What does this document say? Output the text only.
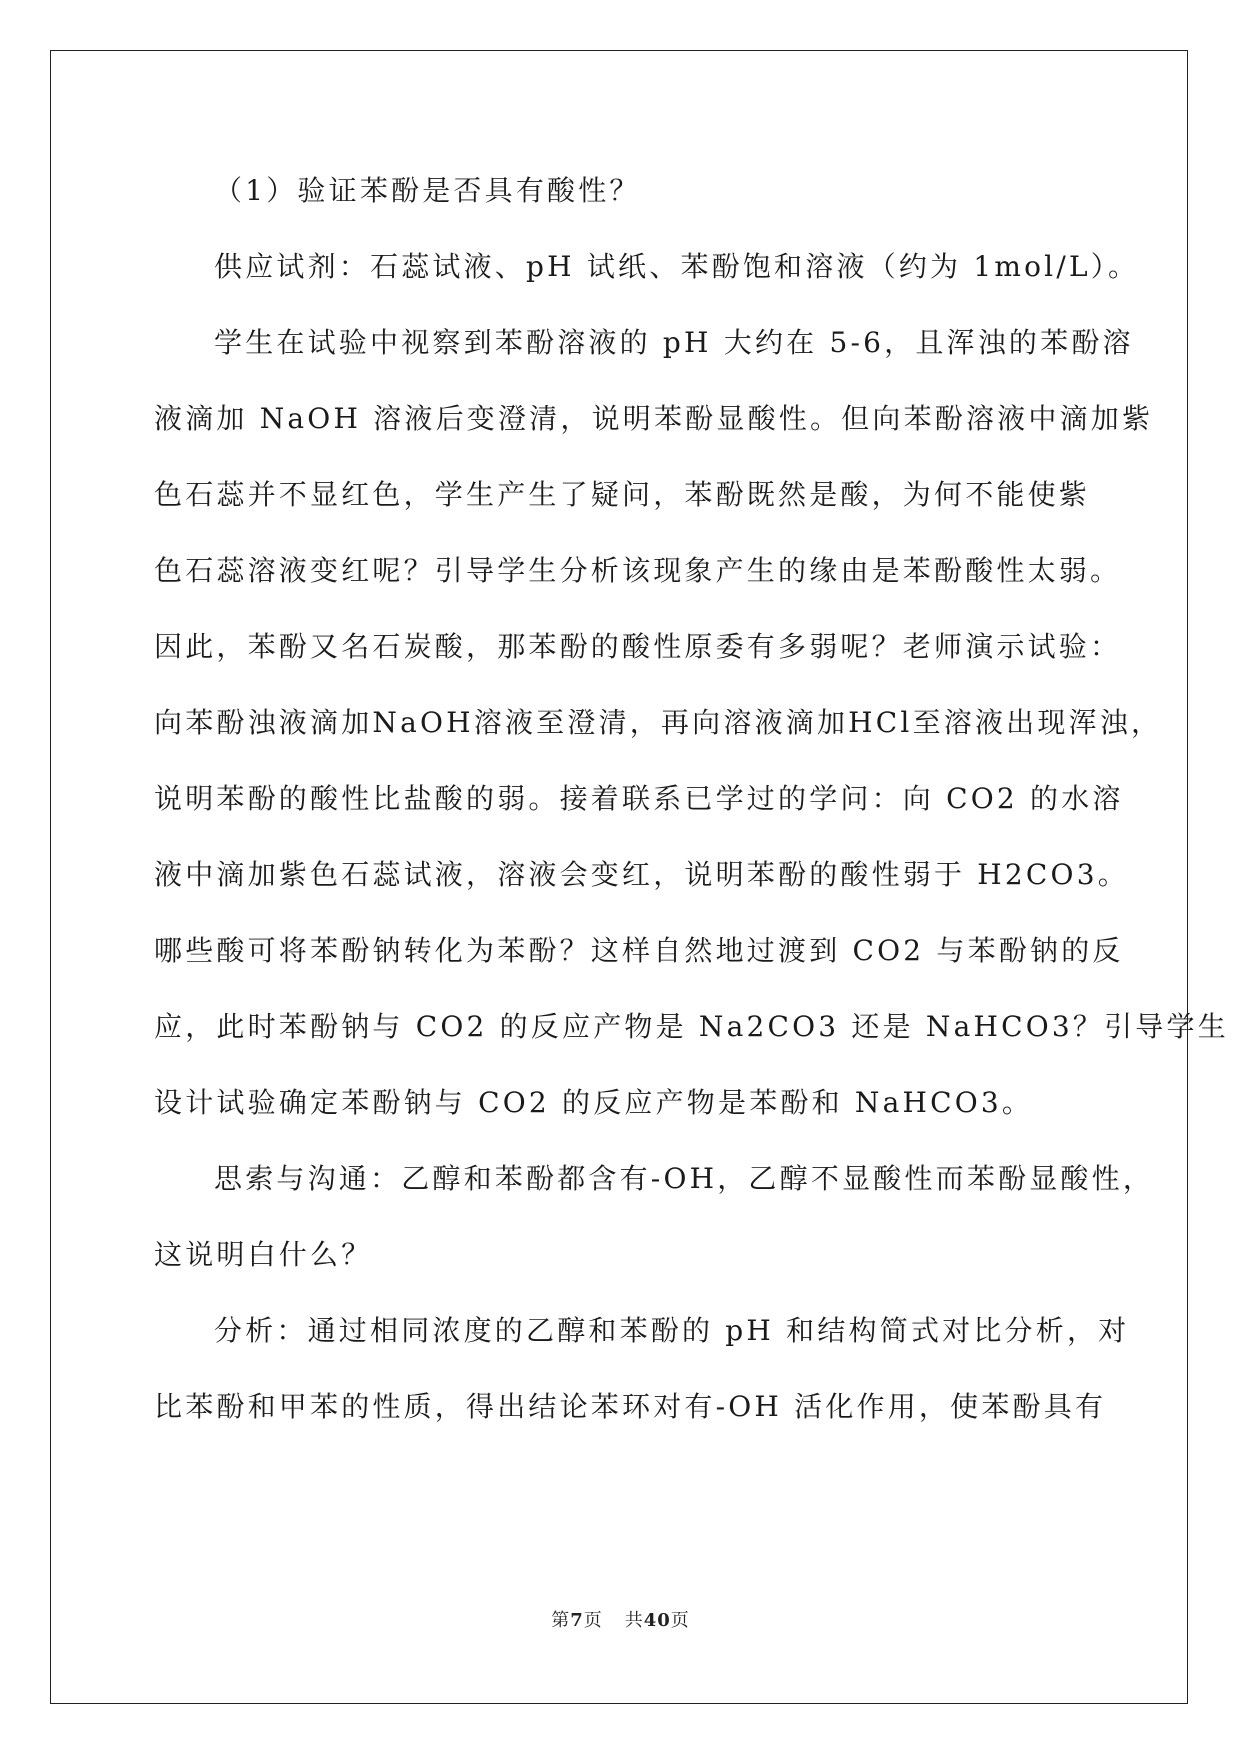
（1）验证苯酚是否具有酸性？
供应试剂：石蕊试液、pH 试纸、苯酚饱和溶液（约为 1mol/L）。
学生在试验中视察到苯酚溶液的 pH 大约在 5-6，且浑浊的苯酚溶
液滴加 NaOH 溶液后变澄清，说明苯酚显酸性。但向苯酚溶液中滴加紫
色石蕊并不显红色，学生产生了疑问，苯酚既然是酸，为何不能使紫
色石蕊溶液变红呢？引导学生分析该现象产生的缘由是苯酚酸性太弱。
因此，苯酚又名石炭酸，那苯酚的酸性原委有多弱呢？老师演示试验：
向苯酚浊液滴加NaOH溶液至澄清，再向溶液滴加HCl至溶液出现浑浊，
说明苯酚的酸性比盐酸的弱。接着联系已学过的学问：向 CO2 的水溶
液中滴加紫色石蕊试液，溶液会变红，说明苯酚的酸性弱于 H2CO3。
哪些酸可将苯酚钠转化为苯酚？这样自然地过渡到 CO2 与苯酚钠的反
应，此时苯酚钠与 CO2 的反应产物是 Na2CO3 还是 NaHCO3？引导学生
设计试验确定苯酚钠与 CO2 的反应产物是苯酚和 NaHCO3。
思索与沟通：乙醇和苯酚都含有-OH，乙醇不显酸性而苯酚显酸性，
这说明白什么？
分析：通过相同浓度的乙醇和苯酚的 pH 和结构简式对比分析，对
比苯酚和甲苯的性质，得出结论苯环对有-OH 活化作用，使苯酚具有
第7页 共40页
